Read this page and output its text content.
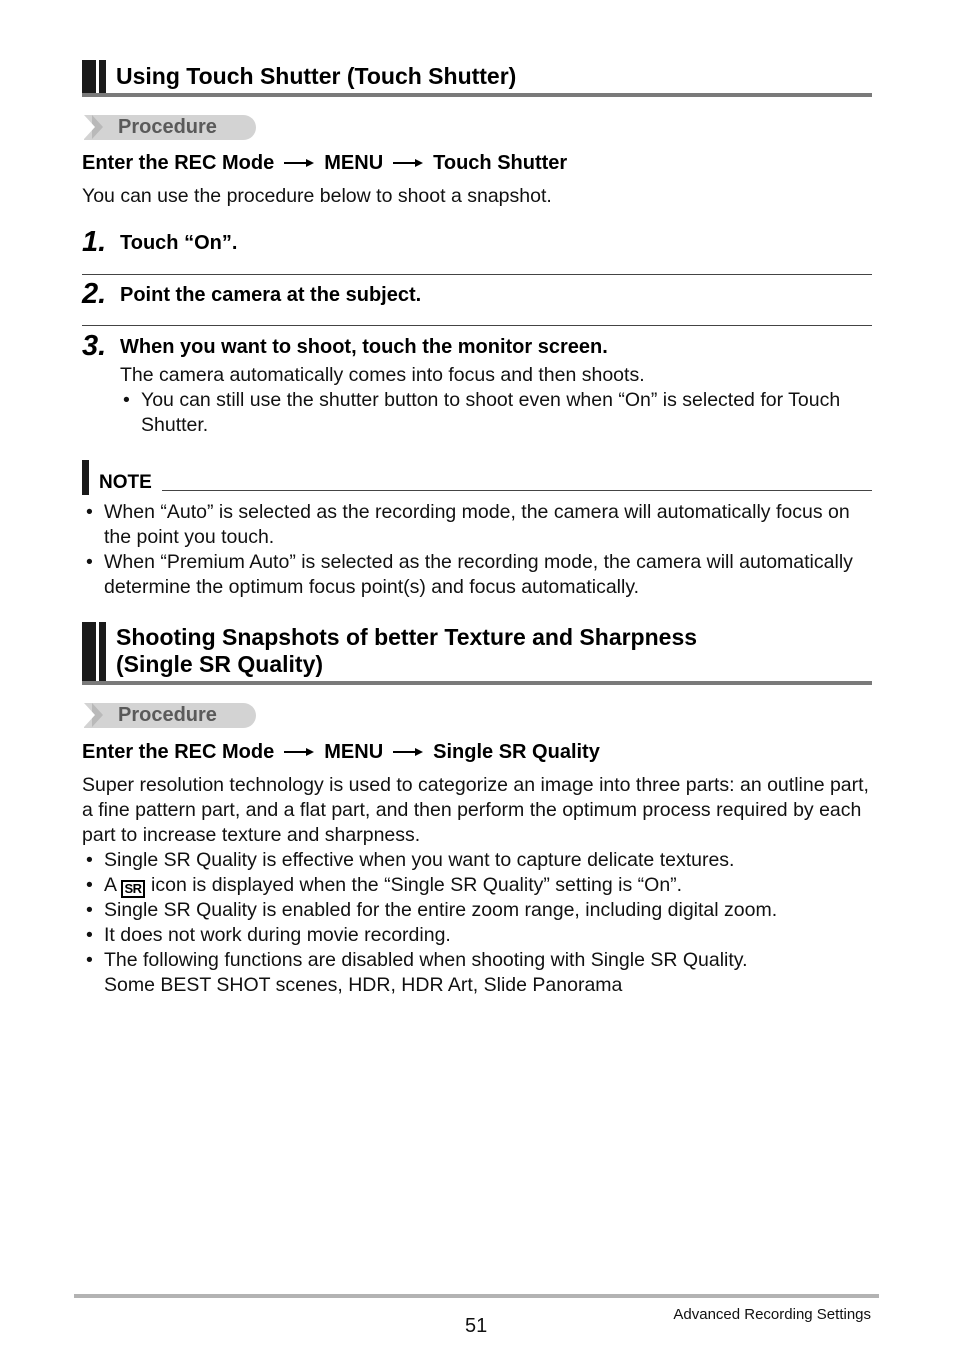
Using Touch Shutter (Touch Shutter)
Procedure
Enter the REC Mode	MENU	Touch Shutter
You can use the procedure below to shoot a snapshot.
1. Touch “On”.
2. Point the camera at the subject.
3. When you want to shoot, touch the monitor screen.
The camera automatically comes into focus and then shoots.
• You can still use the shutter button to shoot even when “On” is selected for Touch Shutter.
NOTE
• When “Auto” is selected as the recording mode, the camera will automatically focus on the point you touch.
• When “Premium Auto” is selected as the recording mode, the camera will automatically determine the optimum focus point(s) and focus automatically.
Shooting Snapshots of better Texture and Sharpness
(Single SR Quality)
Procedure
Enter the REC Mode	MENU	Single SR Quality
Super resolution technology is used to categorize an image into three parts: an outline part, a fine pattern part, and a flat part, and then perform the optimum process required by each part to increase texture and sharpness.
• Single SR Quality is effective when you want to capture delicate textures.
• A SR icon is displayed when the “Single SR Quality” setting is “On”.
• Single SR Quality is enabled for the entire zoom range, including digital zoom.
• It does not work during movie recording.
• The following functions are disabled when shooting with Single SR Quality.
Some BEST SHOT scenes, HDR, HDR Art, Slide Panorama
51
Advanced Recording Settings
